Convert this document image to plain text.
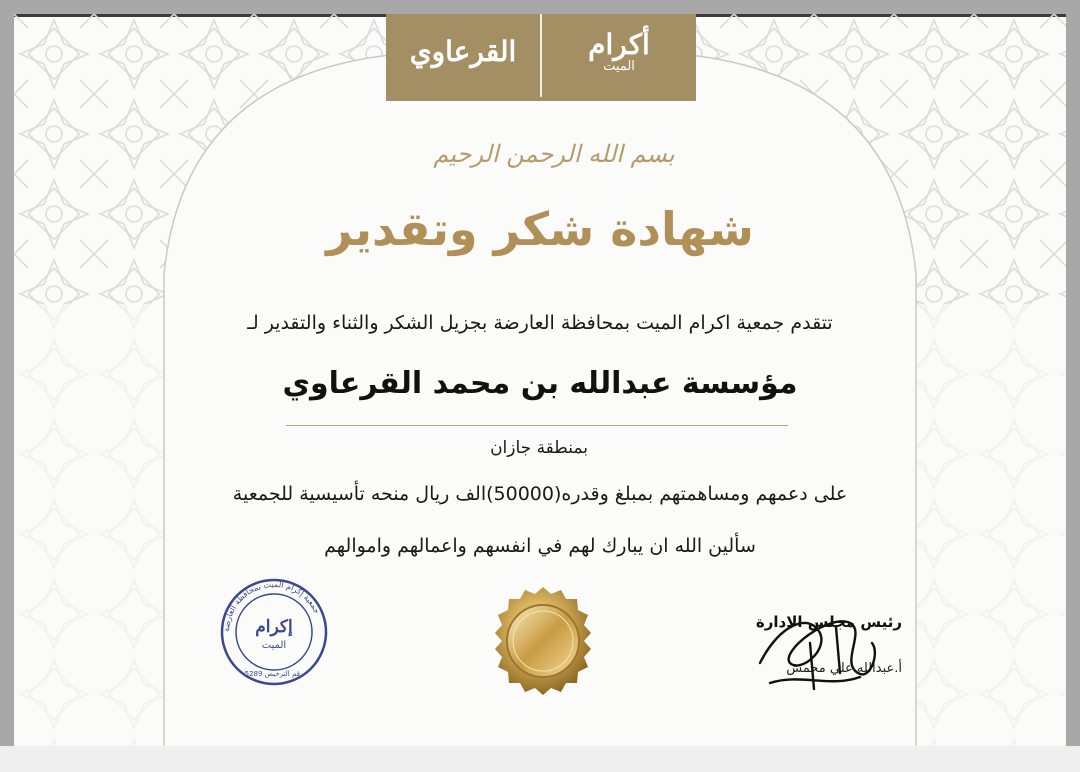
القرعاوي	أكرام
الميت
بسم الله الرحمن الرحيم
شهادة شكر وتقدير
تتقدم جمعية اكرام الميت بمحافظة العارضة بجزيل الشكر والثناء والتقدير لـ
مؤسسة عبدالله بن محمد القرعاوي
بمنطقة جازان
على دعمهم ومساهمتهم بمبلغ وقدره(50000)الف ريال منحه تأسيسية للجمعية
سألين الله ان يبارك لهم في انفسهم واعمالهم واموالهم
جمعية إكرام الميت بمحافظة العارضة
إكرام
الميت
رقم الترخيص 5289
رئيس مجلس الادارة
أ.عبدالله علي محمش
